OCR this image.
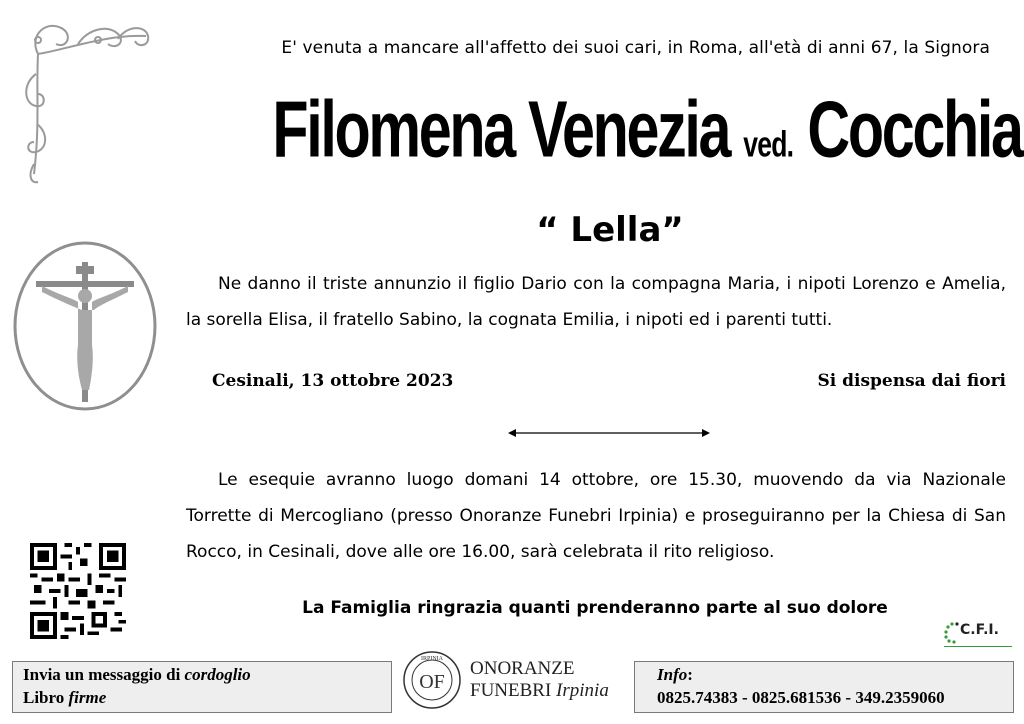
E' venuta a mancare all'affetto dei suoi cari, in Roma, all'età di anni 67, la Signora
Filomena Venezia ved. Cocchia
“ Lella”
Ne danno il triste annunzio il figlio Dario con la compagna Maria, i nipoti Lorenzo e Amelia, la sorella Elisa, il fratello Sabino, la cognata Emilia, i nipoti ed i parenti tutti.
Cesinali, 13 ottobre 2023	Si dispensa dai fiori
Le esequie avranno luogo domani 14 ottobre, ore 15.30, muovendo da via Nazionale Torrette di Mercogliano (presso Onoranze Funebri Irpinia) e proseguiranno per la Chiesa di San Rocco, in Cesinali, dove alle ore 16.00, sarà celebrata il rito religioso.
La Famiglia ringrazia quanti prenderanno parte al suo dolore
C.F.I.
Invia un messaggio di cordoglio
Libro firme
IRPINIA
OF
ONORANZE
FUNEBRI Irpinia
Info:
0825.74383 - 0825.681536 - 349.2359060
